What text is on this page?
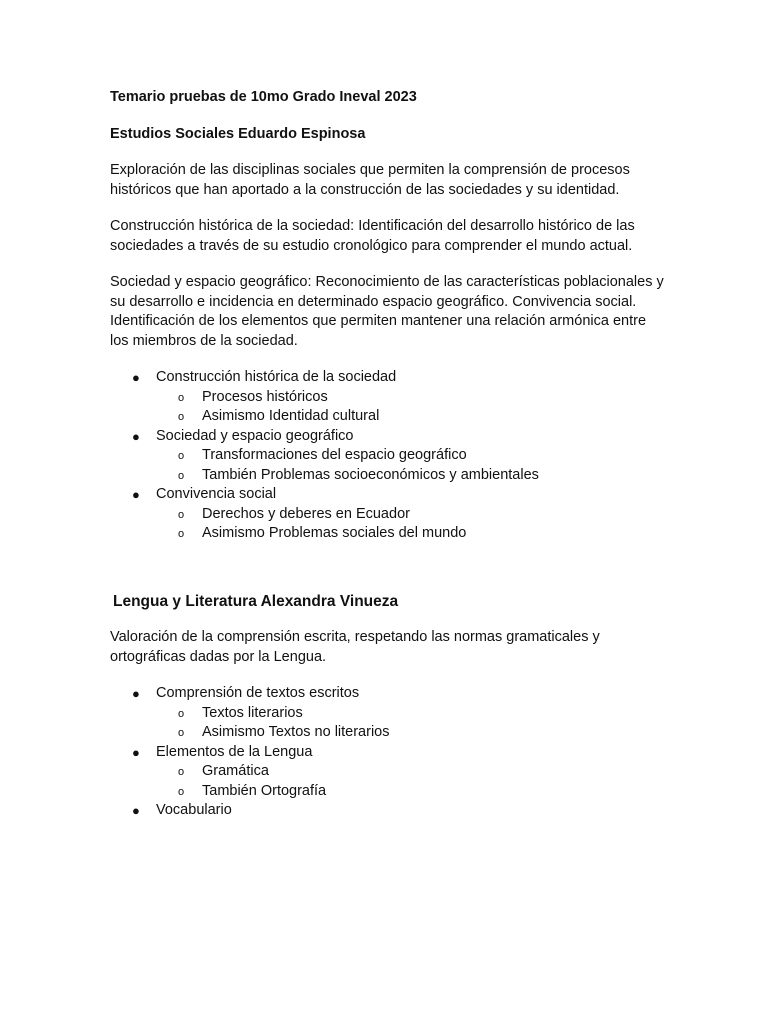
Temario pruebas de 10mo Grado Ineval 2023

Estudios Sociales Eduardo Espinosa

Exploración de las disciplinas sociales que permiten la comprensión de procesos históricos que han aportado a la construcción de las sociedades y su identidad.

Construcción histórica de la sociedad: Identificación del desarrollo histórico de las sociedades a través de su estudio cronológico para comprender el mundo actual.

Sociedad y espacio geográfico: Reconocimiento de las características poblacionales y su desarrollo e incidencia en determinado espacio geográfico. Convivencia social. Identificación de los elementos que permiten mantener una relación armónica entre los miembros de la sociedad.

● Construcción histórica de la sociedad
o Procesos históricos
o Asimismo Identidad cultural
● Sociedad y espacio geográfico
o Transformaciones del espacio geográfico
o También Problemas socioeconómicos y ambientales
● Convivencia social
o Derechos y deberes en Ecuador
o Asimismo Problemas sociales del mundo

Lengua y Literatura Alexandra Vinueza

Valoración de la comprensión escrita, respetando las normas gramaticales y ortográficas dadas por la Lengua.

● Comprensión de textos escritos
o Textos literarios
o Asimismo Textos no literarios
● Elementos de la Lengua
o Gramática
o También Ortografía
● Vocabulario
